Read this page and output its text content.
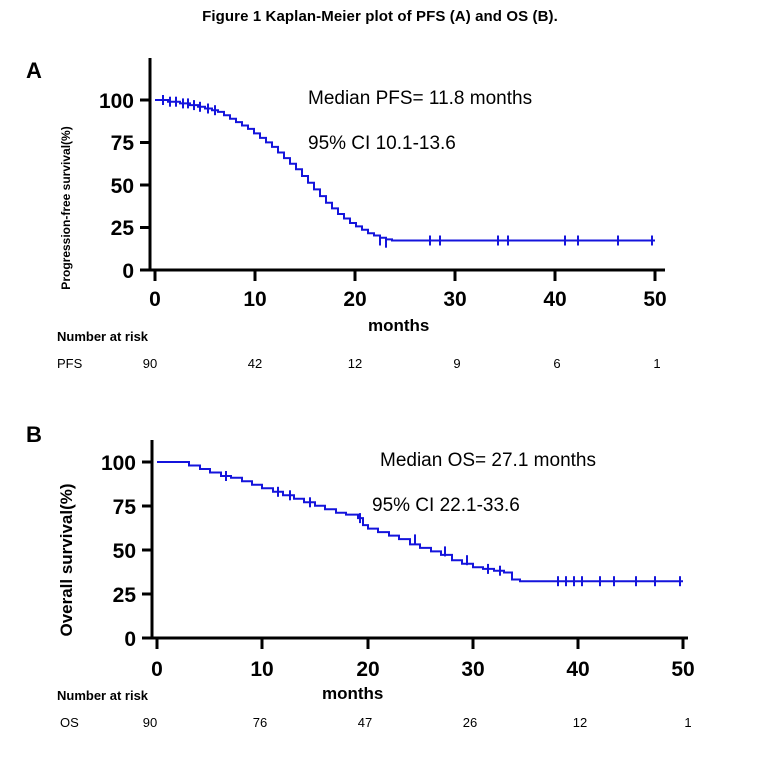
Figure 1 Kaplan-Meier plot of PFS (A) and OS (B).
A
Progression-free survival(%) 0
25
50
75
100
0	10	20	30	40	50
Median PFS= 11.8 months
95% CI 10.1-13.6
months
Number at risk
PFS	90	42	12	9	6	1
B
Overall survival(%)
0
25
50
75
100
0	10	20	30	40	50
Median OS= 27.1 months
95% CI 22.1-33.6
months
Number at risk
OS	90	76	47	26	12	1
